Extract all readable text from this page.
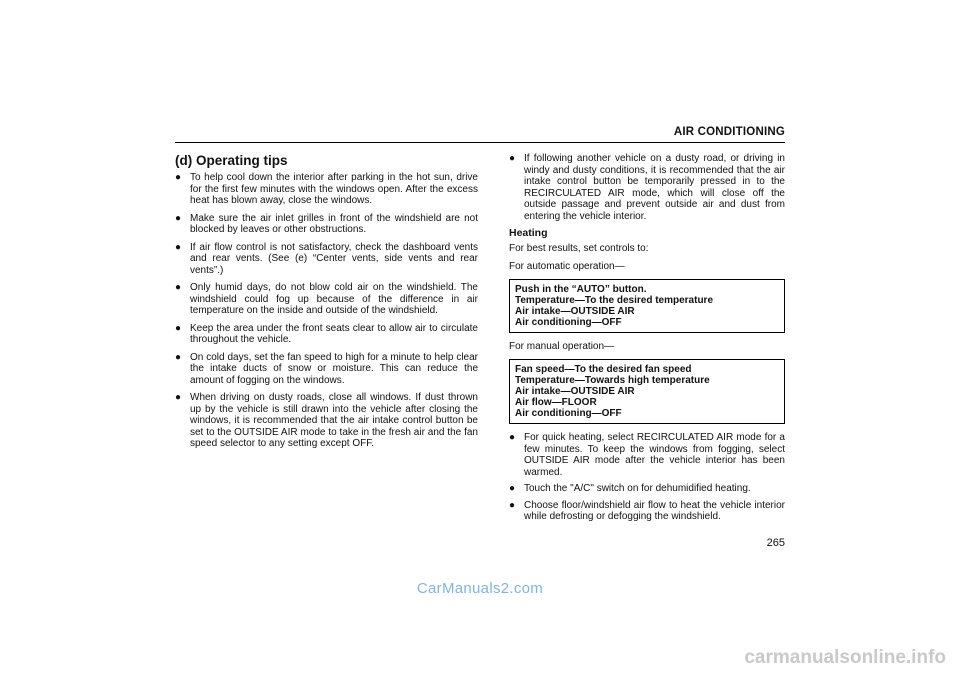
AIR CONDITIONING
(d) Operating tips
● To help cool down the interior after parking in the hot sun, drive for the first few minutes with the windows open. After the excess heat has blown away, close the windows.
● Make sure the air inlet grilles in front of the windshield are not blocked by leaves or other obstructions.
● If air flow control is not satisfactory, check the dashboard vents and rear vents. (See (e) “Center vents, side vents and rear vents”.)
● Only humid days, do not blow cold air on the windshield. The windshield could fog up because of the difference in air temperature on the inside and outside of the windshield.
● Keep the area under the front seats clear to allow air to circulate throughout the vehicle.
● On cold days, set the fan speed to high for a minute to help clear the intake ducts of snow or moisture. This can reduce the amount of fogging on the windows.
● When driving on dusty roads, close all windows. If dust thrown up by the vehicle is still drawn into the vehicle after closing the windows, it is recommended that the air intake control button be set to the OUTSIDE AIR mode to take in the fresh air and the fan speed selector to any setting except OFF.
● If following another vehicle on a dusty road, or driving in windy and dusty conditions, it is recommended that the air intake control button be temporarily pressed in to the RECIRCULATED AIR mode, which will close off the outside passage and prevent outside air and dust from entering the vehicle interior.
Heating

For best results, set controls to:

For automatic operation—

Push in the “AUTO” button.
Temperature—To the desired temperature
Air intake—OUTSIDE AIR
Air conditioning—OFF

For manual operation—

Fan speed—To the desired fan speed
Temperature—Towards high temperature
Air intake—OUTSIDE AIR
Air flow—FLOOR
Air conditioning—OFF
● For quick heating, select RECIRCULATED AIR mode for a few minutes. To keep the windows from fogging, select OUTSIDE AIR mode after the vehicle interior has been warmed.
● Touch the "A/C" switch on for dehumidified heating.
● Choose floor/windshield air flow to heat the vehicle interior while defrosting or defogging the windshield.
265
CarManuals2.com
carmanualsonline.info
